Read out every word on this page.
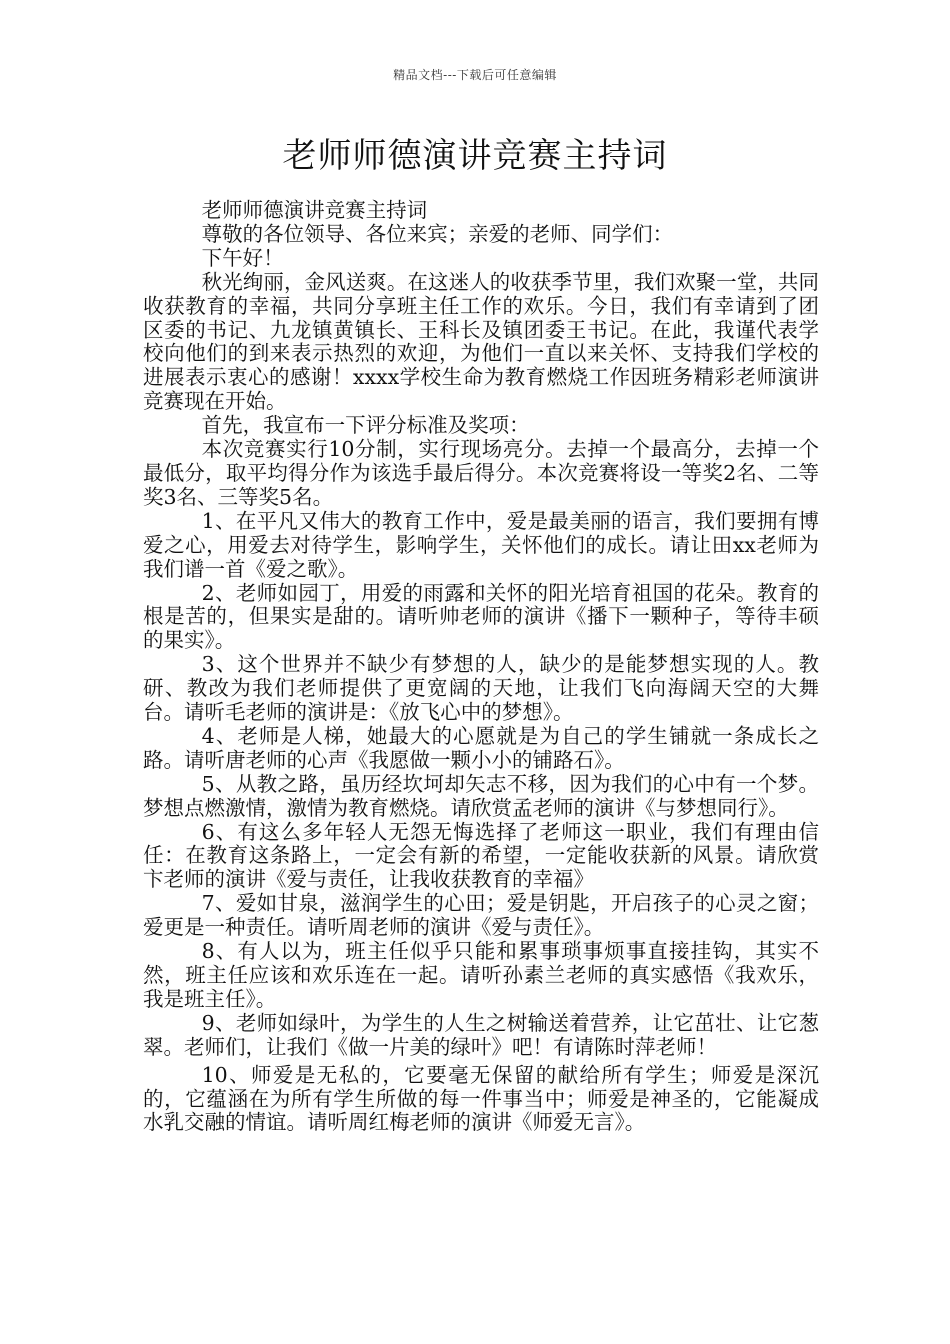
精品文档---下载后可任意编辑
老师师德演讲竞赛主持词

老师师德演讲竞赛主持词

尊敬的各位领导、各位来宾；亲爱的老师、同学们：

下午好！

秋光绚丽，金风送爽。在这迷人的收获季节里，我们欢聚一堂，共同收获教育的幸福，共同分享班主任工作的欢乐。今日，我们有幸请到了团区委的书记、九龙镇黄镇长、王科长及镇团委王书记。在此，我谨代表学校向他们的到来表示热烈的欢迎，为他们一直以来关怀、支持我们学校的进展表示衷心的感谢！xxxx学校生命为教育燃烧工作因班务精彩老师演讲竞赛现在开始。

首先，我宣布一下评分标准及奖项：

本次竞赛实行10分制，实行现场亮分。去掉一个最高分，去掉一个最低分，取平均得分作为该选手最后得分。本次竞赛将设一等奖2名、二等奖3名、三等奖5名。

1、在平凡又伟大的教育工作中，爱是最美丽的语言，我们要拥有博爱之心，用爱去对待学生，影响学生，关怀他们的成长。请让田xx老师为我们谱一首《爱之歌》。

2、老师如园丁，用爱的雨露和关怀的阳光培育祖国的花朵。教育的根是苦的，但果实是甜的。请听帅老师的演讲《播下一颗种子，等待丰硕的果实》。

3、这个世界并不缺少有梦想的人，缺少的是能梦想实现的人。教研、教改为我们老师提供了更宽阔的天地，让我们飞向海阔天空的大舞台。请听毛老师的演讲是：《放飞心中的梦想》。

4、老师是人梯，她最大的心愿就是为自己的学生铺就一条成长之路。请听唐老师的心声《我愿做一颗小小的铺路石》。

5、从教之路，虽历经坎坷却矢志不移，因为我们的心中有一个梦。梦想点燃激情，激情为教育燃烧。请欣赏孟老师的演讲《与梦想同行》。

6、有这么多年轻人无怨无悔选择了老师这一职业，我们有理由信任：在教育这条路上，一定会有新的希望，一定能收获新的风景。请欣赏卞老师的演讲《爱与责任，让我收获教育的幸福》

7、爱如甘泉，滋润学生的心田；爱是钥匙，开启孩子的心灵之窗；爱更是一种责任。请听周老师的演讲《爱与责任》。

8、有人以为，班主任似乎只能和累事琐事烦事直接挂钩，其实不然，班主任应该和欢乐连在一起。请听孙素兰老师的真实感悟《我欢乐，我是班主任》。

9、老师如绿叶，为学生的人生之树输送着营养，让它茁壮、让它葱翠。老师们，让我们《做一片美的绿叶》吧！有请陈时萍老师！

10、师爱是无私的，它要毫无保留的献给所有学生；师爱是深沉的，它蕴涵在为所有学生所做的每一件事当中；师爱是神圣的，它能凝成水乳交融的情谊。请听周红梅老师的演讲《师爱无言》。
